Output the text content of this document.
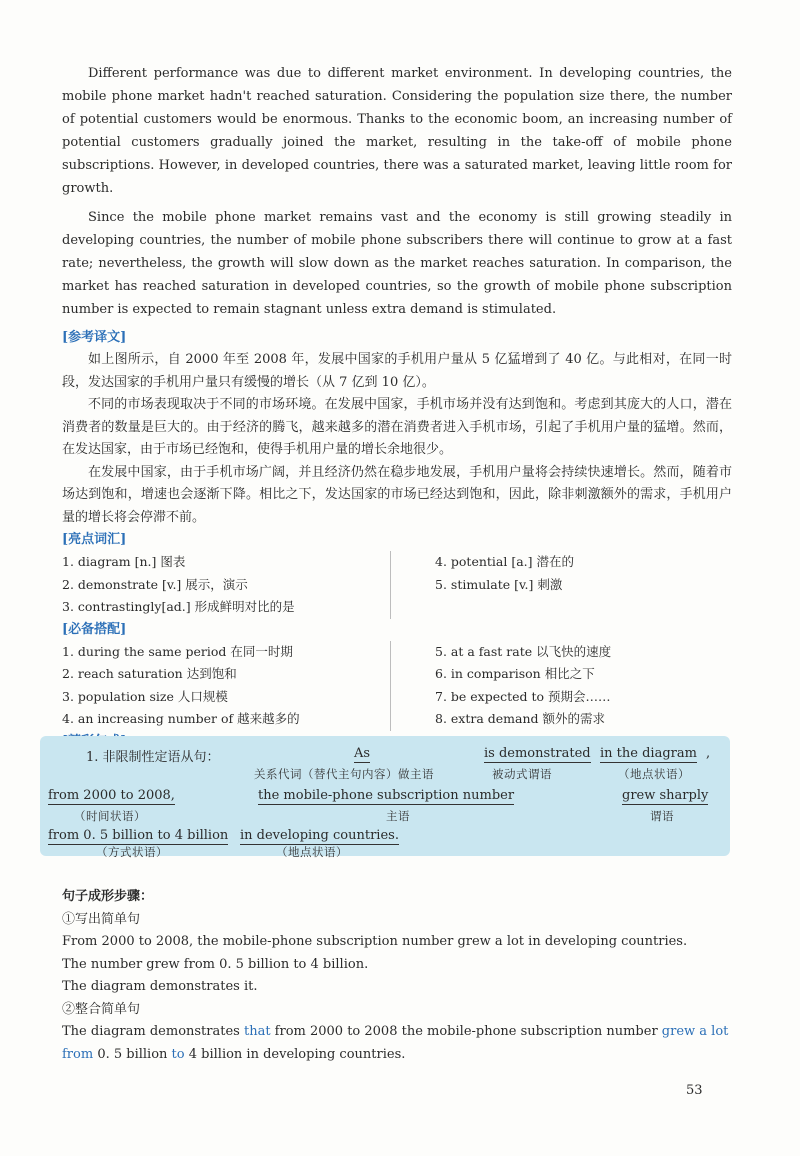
Different performance was due to different market environment. In developing countries, the mobile phone market hadn't reached saturation. Considering the population size there, the number of potential customers would be enormous. Thanks to the economic boom, an increasing number of potential customers gradually joined the market, resulting in the take-off of mobile phone subscriptions. However, in developed countries, there was a saturated market, leaving little room for growth.

Since the mobile phone market remains vast and the economy is still growing steadily in developing countries, the number of mobile phone subscribers there will continue to grow at a fast rate; nevertheless, the growth will slow down as the market reaches saturation. In comparison, the market has reached saturation in developed countries, so the growth of mobile phone subscription number is expected to remain stagnant unless extra demand is stimulated.

[参考译文]

如上图所示，自 2000 年至 2008 年，发展中国家的手机用户量从 5 亿猛增到了 40 亿。与此相对，在同一时段，发达国家的手机用户量只有缓慢的增长（从 7 亿到 10 亿）。

不同的市场表现取决于不同的市场环境。在发展中国家，手机市场并没有达到饱和。考虑到其庞大的人口，潜在消费者的数量是巨大的。由于经济的腾飞，越来越多的潜在消费者进入手机市场，引起了手机用户量的猛增。然而，在发达国家，由于市场已经饱和，使得手机用户量的增长余地很少。

在发展中国家，由于手机市场广阔，并且经济仍然在稳步地发展，手机用户量将会持续快速增长。然而，随着市场达到饱和，增速也会逐渐下降。相比之下，发达国家的市场已经达到饱和，因此，除非刺激额外的需求，手机用户量的增长将会停滞不前。

[亮点词汇]
1. diagram [n.] 图表
2. demonstrate [v.] 展示，演示
3. contrastingly[ad.] 形成鲜明对比的是
4. potential [a.] 潜在的
5. stimulate [v.] 刺激
[必备搭配]
1. during the same period 在同一时期
2. reach saturation 达到饱和
3. population size 人口规模
4. an increasing number of 越来越多的
5. at a fast rate 以飞快的速度
6. in comparison 相比之下
7. be expected to 预期会……
8. extra demand 额外的需求
1. 非限制性定语从句：	As	is demonstrated in the diagram ,
关系代词（替代主句内容）做主语	被动式谓语	（地点状语）
from 2000 to 2008,	the mobile-phone subscription number	grew sharply
（时间状语）	主语	谓语
from 0. 5 billion to 4 billion in developing countries.
（方式状语）	（地点状语）
句子成形步骤：
①写出简单句
From 2000 to 2008, the mobile-phone subscription number grew a lot in developing countries.
The number grew from 0. 5 billion to 4 billion.
The diagram demonstrates it.
②整合简单句
The diagram demonstrates that from 2000 to 2008 the mobile-phone subscription number grew a lot from 0. 5 billion to 4 billion in developing countries.
53
